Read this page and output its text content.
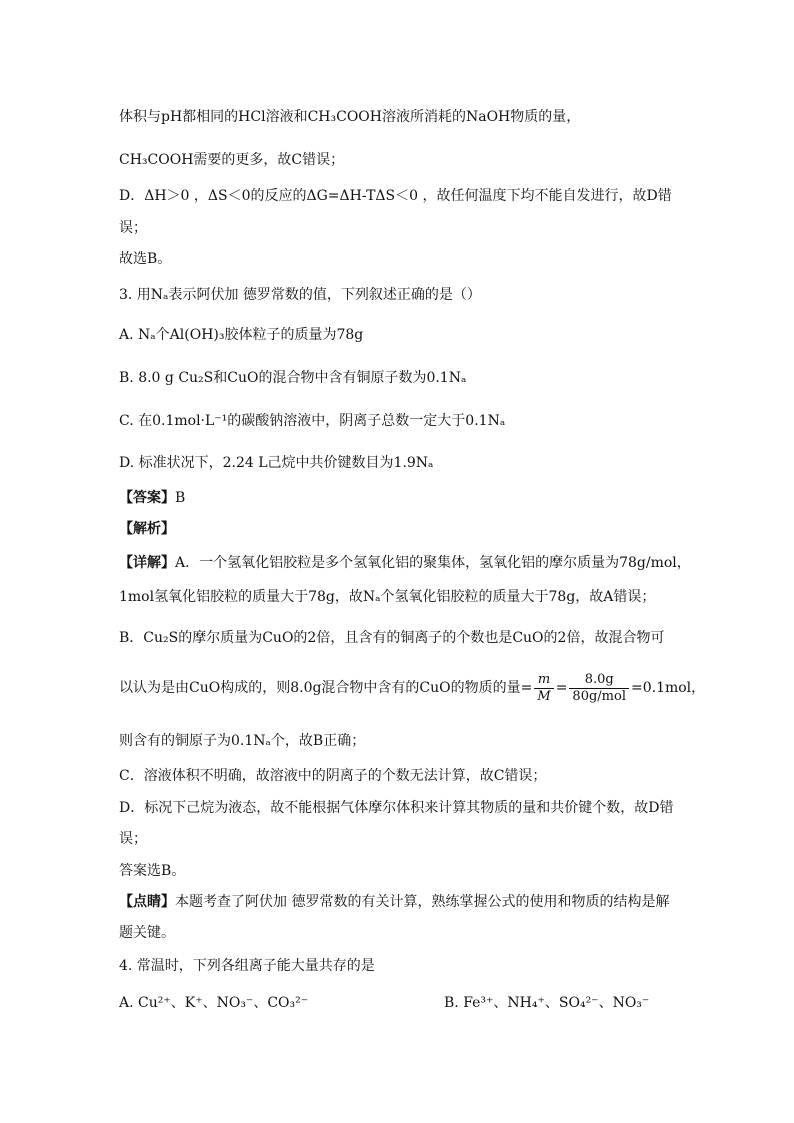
体积与pH都相同的HCl溶液和CH₃COOH溶液所消耗的NaOH物质的量，
CH₃COOH需要的更多，故C错误；
D．ΔH＞0 ，ΔS＜0的反应的ΔG=ΔH-TΔS＜0 ，故任何温度下均不能自发进行，故D错
误；
故选B。
3. 用Nₐ表示阿伏加 德罗常数的值，下列叙述正确的是（）
A. Nₐ个Al(OH)₃胶体粒子的质量为78g
B. 8.0 g Cu₂S和CuO的混合物中含有铜原子数为0.1Nₐ
C. 在0.1mol·L⁻¹的碳酸钠溶液中，阴离子总数一定大于0.1Nₐ
D. 标准状况下，2.24 L己烷中共价键数目为1.9Nₐ
【答案】B
【解析】
【详解】A．一个氢氧化铝胶粒是多个氢氧化铝的聚集体，氢氧化铝的摩尔质量为78g/mol，
1mol氢氧化铝胶粒的质量大于78g，故Nₐ个氢氧化铝胶粒的质量大于78g，故A错误；
B．Cu₂S的摩尔质量为CuO的2倍，且含有的铜离子的个数也是CuO的2倍，故混合物可
以认为是由CuO构成的，则8.0g混合物中含有的CuO的物质的量= $\frac{m}{M} = \frac{8.0g}{\text{80g/mol}} =0.1mol$，
则含有的铜原子为0.1Nₐ个，故B正确；
C．溶液体积不明确，故溶液中的阴离子的个数无法计算，故C错误；
D．标况下己烷为液态，故不能根据气体摩尔体积来计算其物质的量和共价键个数，故D错
误；
答案选B。
【点睛】本题考查了阿伏加 德罗常数的有关计算，熟练掌握公式的使用和物质的结构是解
题关键。
4. 常温时，下列各组离子能大量共存的是
A. Cu²⁺、K⁺、NO₃⁻、CO₃²⁻	B. Fe³⁺、NH₄⁺、SO₄²⁻、NO₃⁻
